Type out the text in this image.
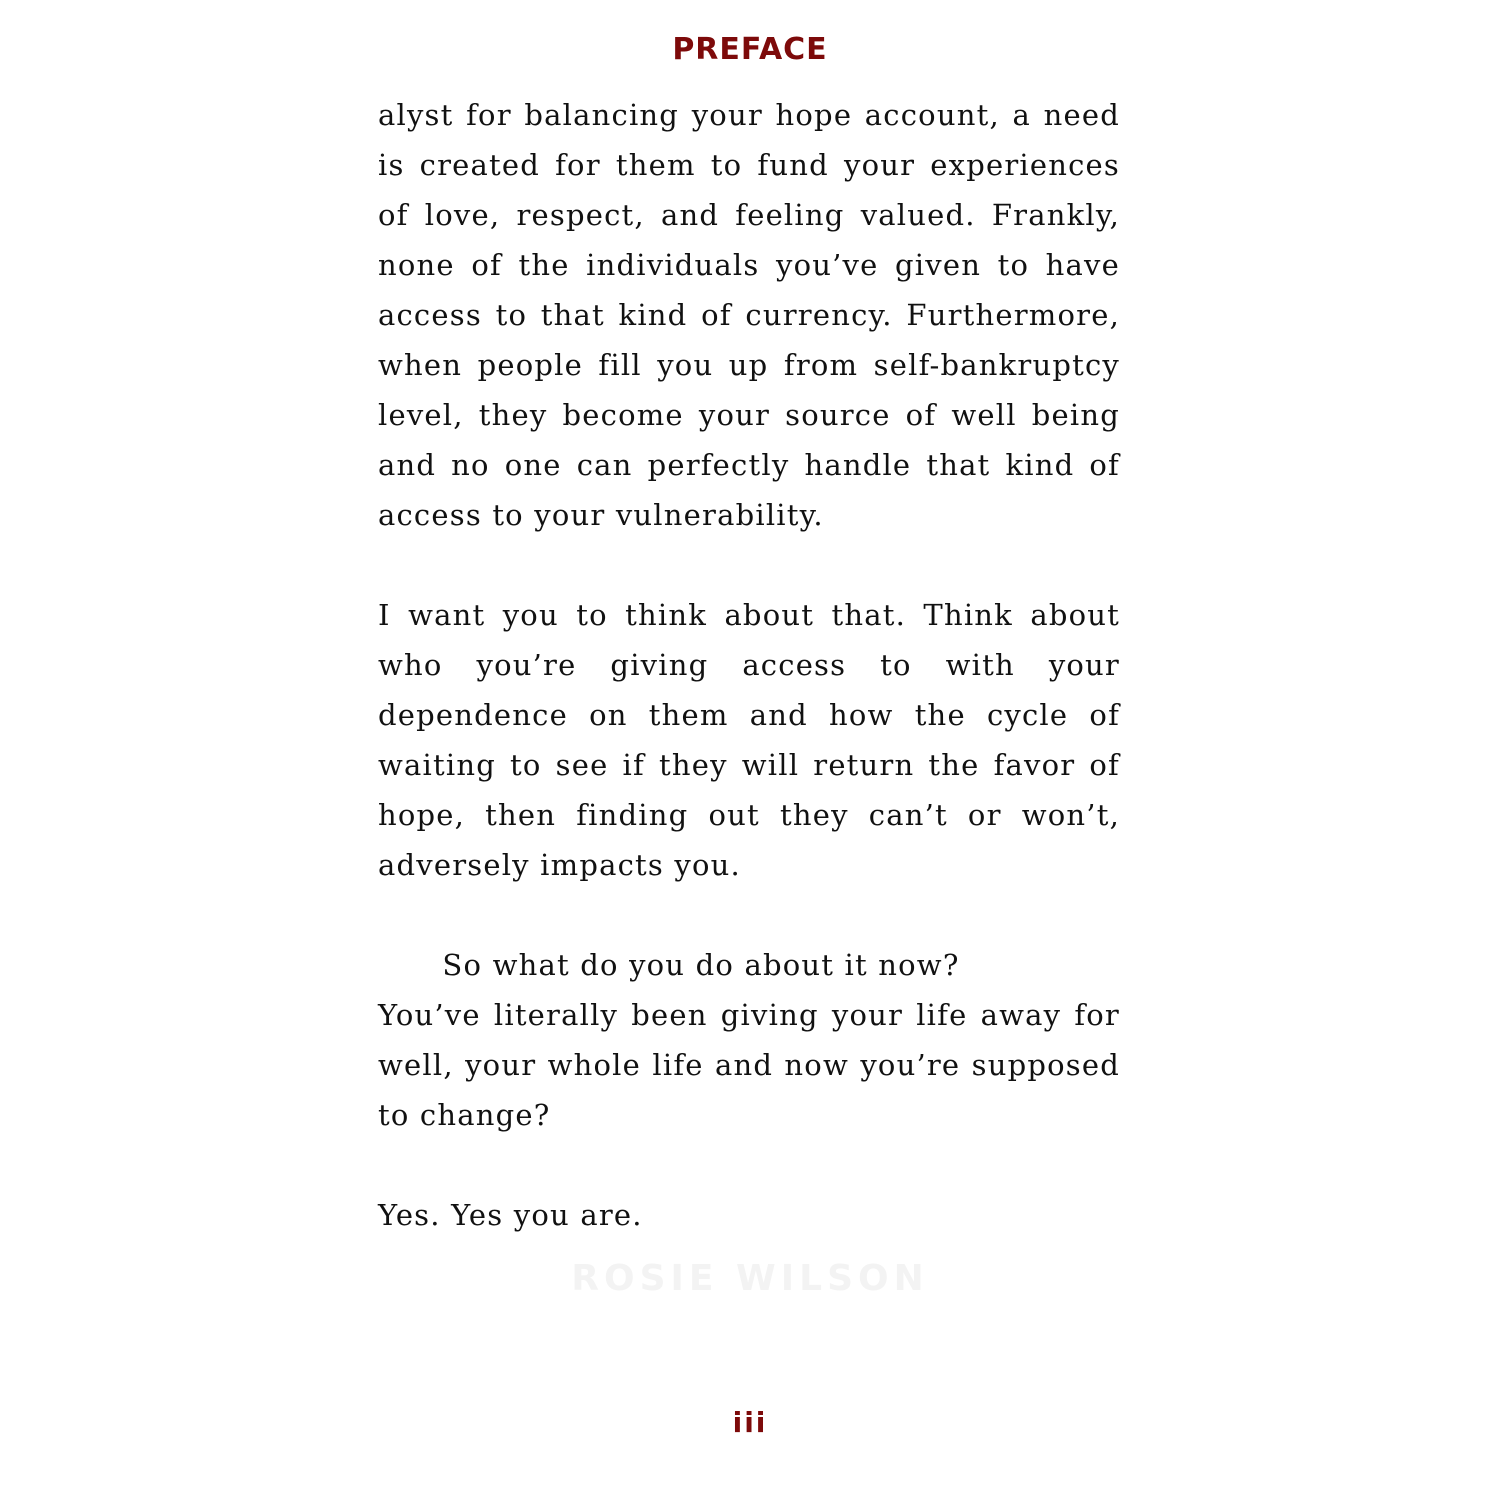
PREFACE
ROSIE WILSON

alyst for balancing your hope account, a need is created for them to fund your experiences of love, respect, and feeling valued. Frankly, none of the individuals you’ve given to have access to that kind of currency. Furthermore, when people fill you up from self-bankruptcy level, they become your source of well being and no one can perfectly handle that kind of access to your vulnerability.

I want you to think about that. Think about who you’re giving access to with your dependence on them and how the cycle of waiting to see if they will return the favor of hope, then finding out they can’t or won’t, adversely impacts you.

So what do you do about it now?

You’ve literally been giving your life away for well, your whole life and now you’re supposed to change?

Yes. Yes you are.

iii
